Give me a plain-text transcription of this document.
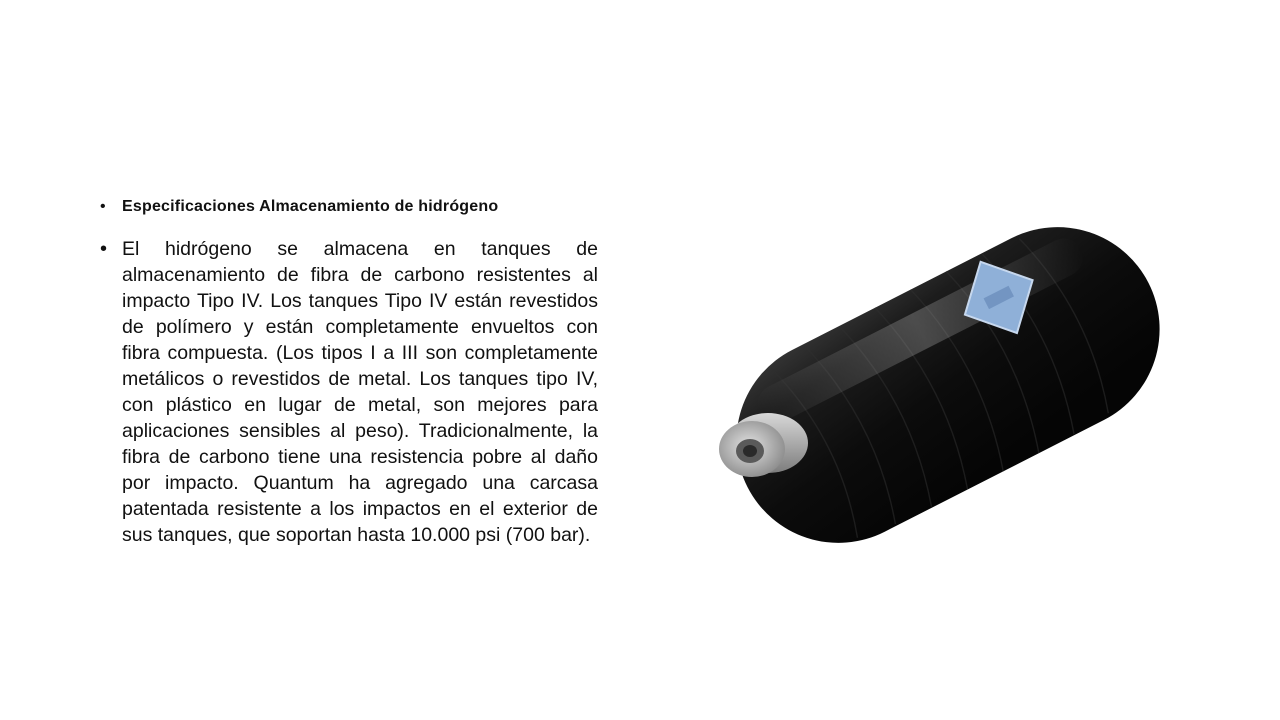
•	Especificaciones Almacenamiento de hidrógeno
• El hidrógeno se almacena en tanques de almacenamiento de fibra de carbono resistentes al impacto Tipo IV. Los tanques Tipo IV están revestidos de polímero y están completamente envueltos con fibra compuesta. (Los tipos I a III son completamente metálicos o revestidos de metal. Los tanques tipo IV, con plástico en lugar de metal, son mejores para aplicaciones sensibles al peso). Tradicionalmente, la fibra de carbono tiene una resistencia pobre al daño por impacto. Quantum ha agregado una carcasa patentada resistente a los impactos en el exterior de sus tanques, que soportan hasta 10.000 psi (700 bar).
